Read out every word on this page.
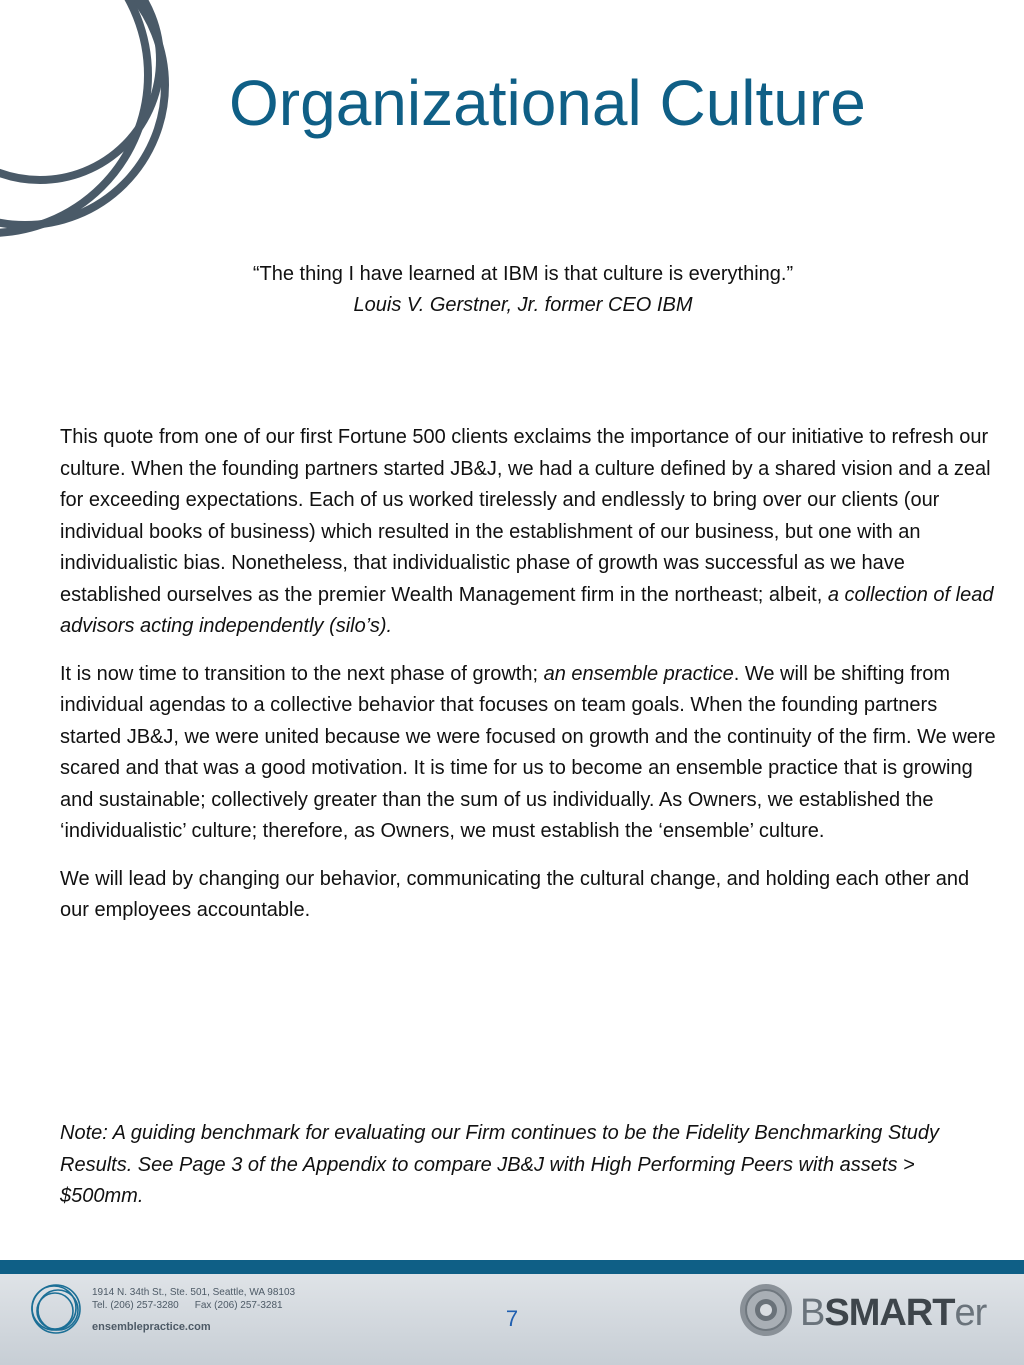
Organizational Culture

“The thing I have learned at IBM is that culture is everything.”

Louis V. Gerstner, Jr. former CEO IBM

This quote from one of our first Fortune 500 clients exclaims the importance of our initiative to refresh our culture. When the founding partners started JB&J, we had a culture defined by a shared vision and a zeal for exceeding expectations. Each of us worked tirelessly and endlessly to bring over our clients (our individual books of business) which resulted in the establishment of our business, but one with an individualistic bias. Nonetheless, that individualistic phase of growth was successful as we have established ourselves as the premier Wealth Management firm in the northeast; albeit, a collection of lead advisors acting independently (silo’s).

It is now time to transition to the next phase of growth; an ensemble practice. We will be shifting from individual agendas to a collective behavior that focuses on team goals. When the founding partners started JB&J, we were united because we were focused on growth and the continuity of the firm. We were scared and that was a good motivation. It is time for us to become an ensemble practice that is growing and sustainable; collectively greater than the sum of us individually. As Owners, we established the ‘individualistic’ culture; therefore, as Owners, we must establish the ‘ensemble’ culture.

We will lead by changing our behavior, communicating the cultural change, and holding each other and our employees accountable.

Note: A guiding benchmark for evaluating our Firm continues to be the Fidelity Benchmarking Study Results. See Page 3 of the Appendix to compare JB&J with High Performing Peers with assets > $500mm.

1914 N. 34th St., Ste. 501, Seattle, WA 98103
Tel. (206) 257-3280 Fax (206) 257-3281
ensemblepractice.com	7	BSMARTer
